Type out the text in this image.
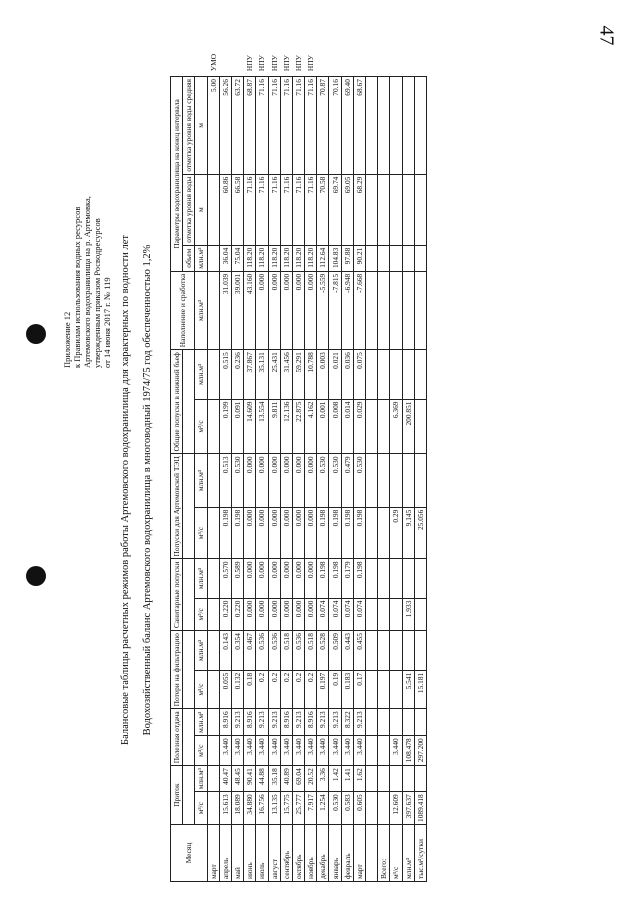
47
Приложение 12 к Правилам использования водных ресурсов Артемовского водохранилища на р. Артемовка, утвержденным приказом Росводресурсов от 14 июня 2017 г. № 119 Балансовые таблицы расчетных режимов работы Артемовского водохранилища для характерных по водности лет Водохозяйственный баланс Артемовского водохранилища в многоводный 1974/75 год обеспеченностью 1,2%
Месяц	Приток		Полезная отдача		Потери на фильтрацию		Санитарные попуски		Попуски для Артемовской ТЭЦ		Общие попуски в нижний бьеф		Наполнение и сработка	Параметры водохранилища на конец интервала			
														объем	отметка уровня воды	отметка уровня воды средняя	
	м³/с	млн.м³	м³/с	млн.м³	м³/с	млн.м³	м³/с	млн.м³	м³/с	млн.м³	м³/с	млн.м³	млн.м³	млн.м³	м	м	
март																5.00	УМО
апрель	15.613	40.47	3.440	8.916	0.055	0.143	0.220	0.570	0.198	0.513	0.199	0.515	31.039	36.04	60.86	56.26	
май	18.089	48.45	3.440	9.213	0.132	0.354	0.220	0.589	0.198	0.530	0.091	0.236	39.001	75.04	66.58	63.72	
июнь	34.880	90.41	3.440	8.916	0.18	0.467	0.000	0.000	0.000	0.000	14.609	37.867	43.160	118.20	71.16	68.87	НПУ
июль	16.756	44.88	3.440	9.213	0.2	0.536	0.000	0.000	0.000	0.000	13.554	35.131	0.000	118.20	71.16	71.16	НПУ
август	13.135	35.18	3.440	9.213	0.2	0.536	0.000	0.000	0.000	0.000	9.811	25.431	0.000	118.20	71.16	71.16	НПУ
сентябрь	15.775	40.89	3.440	8.916	0.2	0.518	0.000	0.000	0.000	0.000	12.136	31.456	0.000	118.20	71.16	71.16	НПУ
октябрь	25.777	69.04	3.440	9.213	0.2	0.536	0.000	0.000	0.000	0.000	22.875	59.291	0.000	118.20	71.16	71.16	НПУ
ноябрь	7.917	20.52	3.440	8.916	0.2	0.518	0.000	0.000	0.000	0.000	4.162	10.788	0.000	118.20	71.16	71.16	НПУ
декабрь	1.254	3.36	3.440	9.213	0.197	0.528	0.074	0.198	0.198	0.530	0.001	0.003	-5.559	112.64	70.58	70.87	
январь	0.530	1.42	3.440	9.213	0.19	0.509	0.074	0.198	0.198	0.530	0.008	0.021	-7.815	104.83	69.74	70.16	
февраль	0.583	1.41	3.440	8.322	0.183	0.443	0.074	0.179	0.198	0.479	0.014	0.036	-6.948	97.88	69.05	69.40	
март	0.605	1.62	3.440	9.213	0.17	0.455	0.074	0.198	0.198	0.530	0.029	0.075	-7.668	90.21	68.29	68.67	

Всего:																	
м³/с	12.609		3.440						0.29		6.369						
млн.м³	397.637		108.478		5.541		1.933		9.145		200.851						
тыс.м³/сутки	1089.418		297.200		15.181				25.056								
